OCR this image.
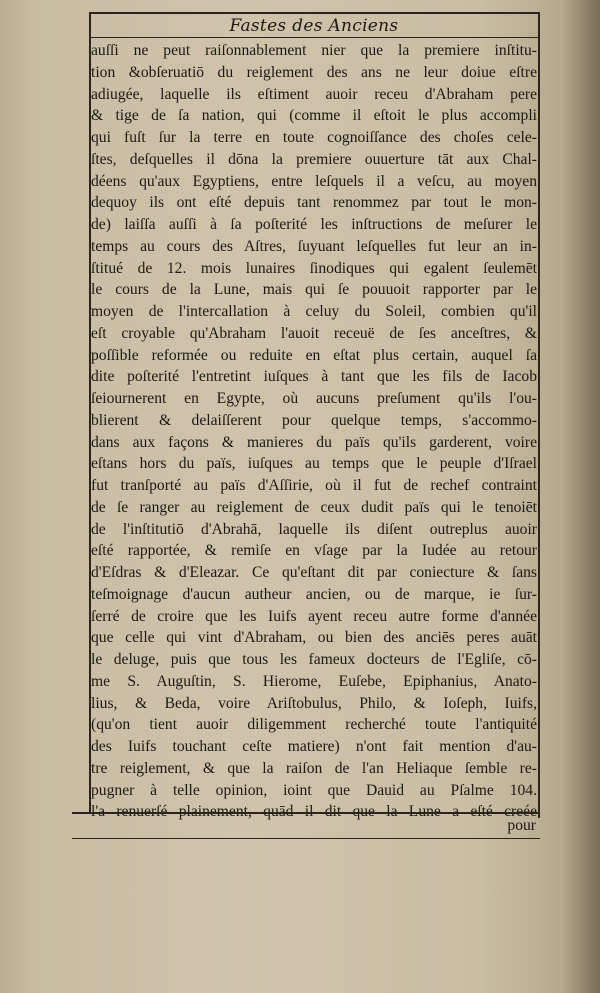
Fastes des Anciens
auſſi ne peut raiſonnablement nier que la premiere inſtitu-
tion &obſeruatiō du reiglement des ans ne leur doiue eſtre
adiugée, laquelle ils eſtiment auoir receu d'Abraham pere
& tige de ſa nation, qui (comme il eſtoit le plus accompli
qui fuſt ſur la terre en toute cognoiſſance des choſes cele-
ſtes, deſquelles il dōna la premiere ouuerture tāt aux Chal-
déens qu'aux Egyptiens, entre leſquels il a veſcu, au moyen
dequoy ils ont eſté depuis tant renommez par tout le mon-
de) laiſſa auſſi à ſa poſterité les inſtructions de meſurer le
temps au cours des Aſtres, ſuyuant leſquelles fut leur an in-
ſtitué de 12. mois lunaires ſinodiques qui egalent ſeulemēt
le cours de la Lune, mais qui ſe pouuoit rapporter par le
moyen de l'intercallation à celuy du Soleil, combien qu'il
eſt croyable qu'Abraham l'auoit receuë de ſes anceſtres, &
poſſible reformée ou reduite en eſtat plus certain, auquel ſa
dite poſterité l'entretint iuſques à tant que les fils de Iacob
ſeiournerent en Egypte, où aucuns preſument qu'ils l'ou-
blierent & delaiſſerent pour quelque temps, s'accommo-
dans aux façons & manieres du païs qu'ils garderent, voire
eſtans hors du païs, iuſques au temps que le peuple d'Iſrael
fut tranſporté au païs d'Aſſirie, où il fut de rechef contraint
de ſe ranger au reiglement de ceux dudit païs qui le tenoiēt
de l'inſtitutiō d'Abrahā, laquelle ils diſent outreplus auoir
eſté rapportée, & remiſe en vſage par la Iudée au retour
d'Eſdras & d'Eleazar. Ce qu'eſtant dit par coniecture & ſans
teſmoignage d'aucun autheur ancien, ou de marque, ie ſur-
ſerré de croire que les Iuifs ayent receu autre forme d'année
que celle qui vint d'Abraham, ou bien des anciēs peres auāt
le deluge, puis que tous les fameux docteurs de l'Egliſe, cō-
me S. Auguſtin, S. Hierome, Euſebe, Epiphanius, Anato-
lius, & Beda, voire Ariſtobulus, Philo, & Ioſeph, Iuifs,
(qu'on tient auoir diligemment recherché toute l'antiquité
des Iuifs touchant ceſte matiere) n'ont fait mention d'au-
tre reiglement, & que la raiſon de l'an Heliaque ſemble re-
pugner à telle opinion, ioint que Dauid au Pſalme 104.
pour
